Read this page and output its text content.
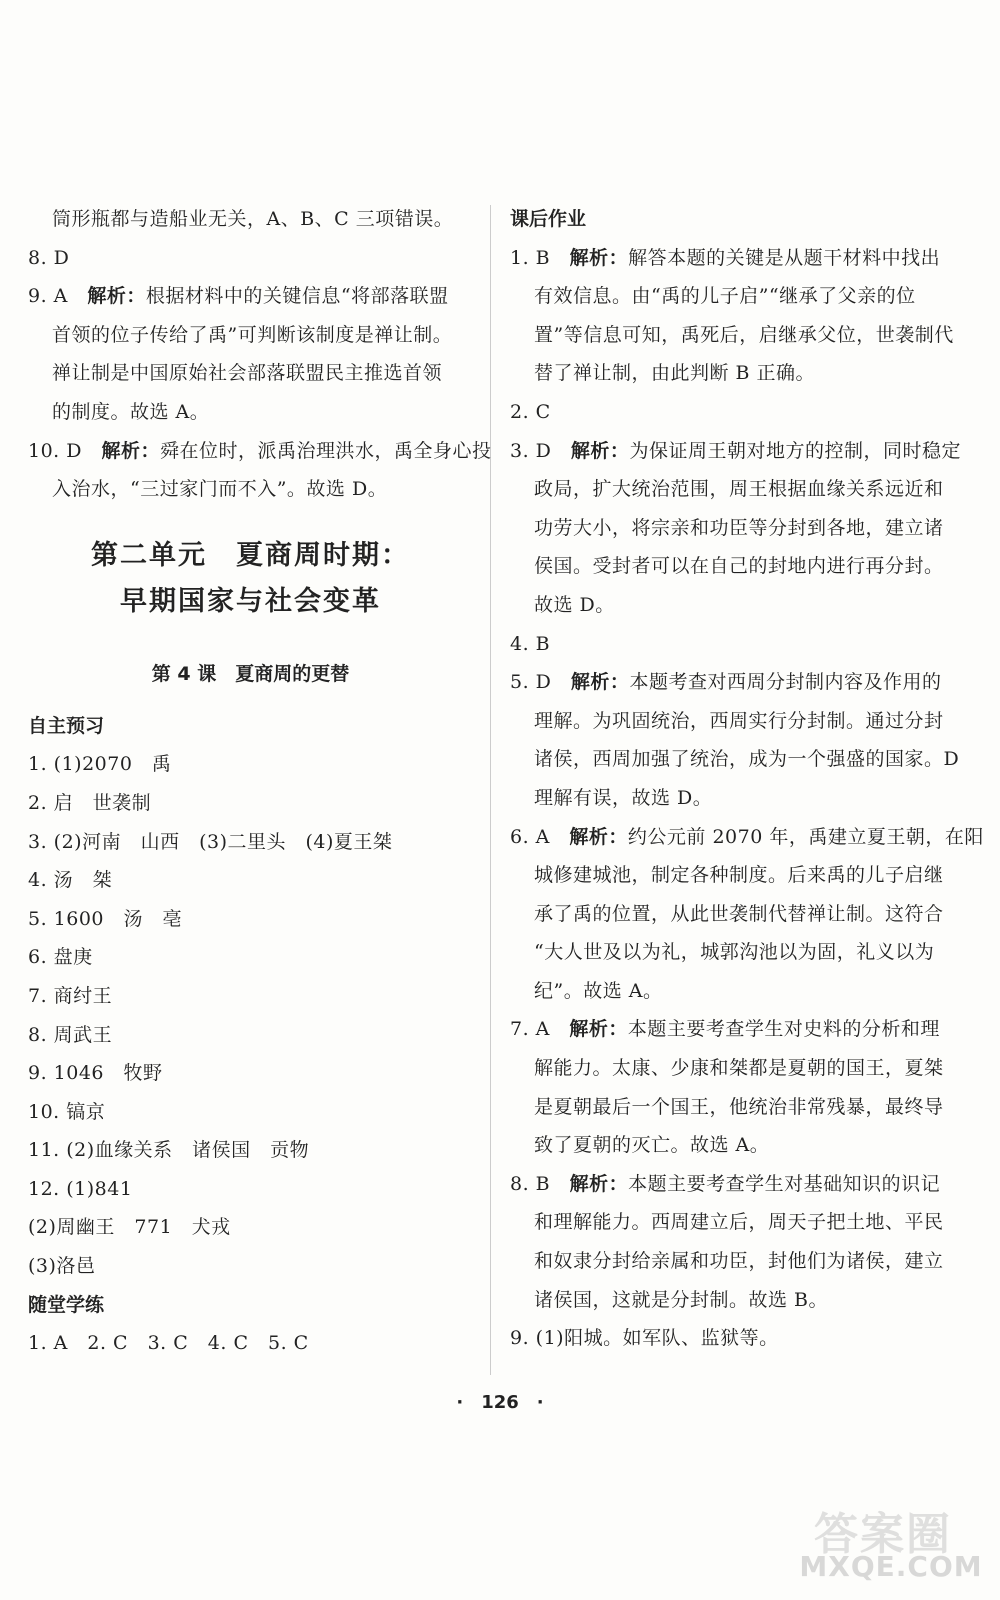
筒形瓶都与造船业无关，A、B、C 三项错误。
8. D
9. A　 解析：根据材料中的关键信息“将部落联盟
首领的位子传给了禹”可判断该制度是禅让制。
禅让制是中国原始社会部落联盟民主推选首领
的制度。故选 A。
10. D　 解析：舜在位时，派禹治理洪水，禹全身心投
入治水，“三过家门而不入”。故选 D。
第二单元　夏商周时期：
早期国家与社会变革
第 4 课　夏商周的更替
自主预习
1. (1)2070　禹
2. 启　世袭制
3. (2)河南　山西　(3)二里头　(4)夏王桀
4. 汤　桀
5. 1600　汤　亳
6. 盘庚
7. 商纣王
8. 周武王
9. 1046　牧野
10. 镐京
11. (2)血缘关系　诸侯国　贡物
12. (1)841
(2)周幽王　771　犬戎
(3)洛邑
随堂学练
1. A　2. C　3. C　4. C　5. C
课后作业
1. B　 解析：解答本题的关键是从题干材料中找出
有效信息。由“禹的儿子启”“继承了父亲的位
置”等信息可知，禹死后，启继承父位，世袭制代
替了禅让制，由此判断 B 正确。
2. C
3. D　 解析：为保证周王朝对地方的控制，同时稳定
政局，扩大统治范围，周王根据血缘关系远近和
功劳大小，将宗亲和功臣等分封到各地，建立诸
侯国。受封者可以在自己的封地内进行再分封。
故选 D。
4. B
5. D　 解析：本题考查对西周分封制内容及作用的
理解。为巩固统治，西周实行分封制。通过分封
诸侯，西周加强了统治，成为一个强盛的国家。D
理解有误，故选 D。
6. A　 解析：约公元前 2070 年，禹建立夏王朝，在阳
城修建城池，制定各种制度。后来禹的儿子启继
承了禹的位置，从此世袭制代替禅让制。这符合
“大人世及以为礼，城郭沟池以为固，礼义以为
纪”。故选 A。
7. A　 解析：本题主要考查学生对史料的分析和理
解能力。太康、少康和桀都是夏朝的国王，夏桀
是夏朝最后一个国王，他统治非常残暴，最终导
致了夏朝的灭亡。故选 A。
8. B　 解析：本题主要考查学生对基础知识的识记
和理解能力。西周建立后，周天子把土地、平民
和奴隶分封给亲属和功臣，封他们为诸侯，建立
诸侯国，这就是分封制。故选 B。
9. (1)阳城。如军队、监狱等。
·　126　·
答案圈
MXQE.COM
